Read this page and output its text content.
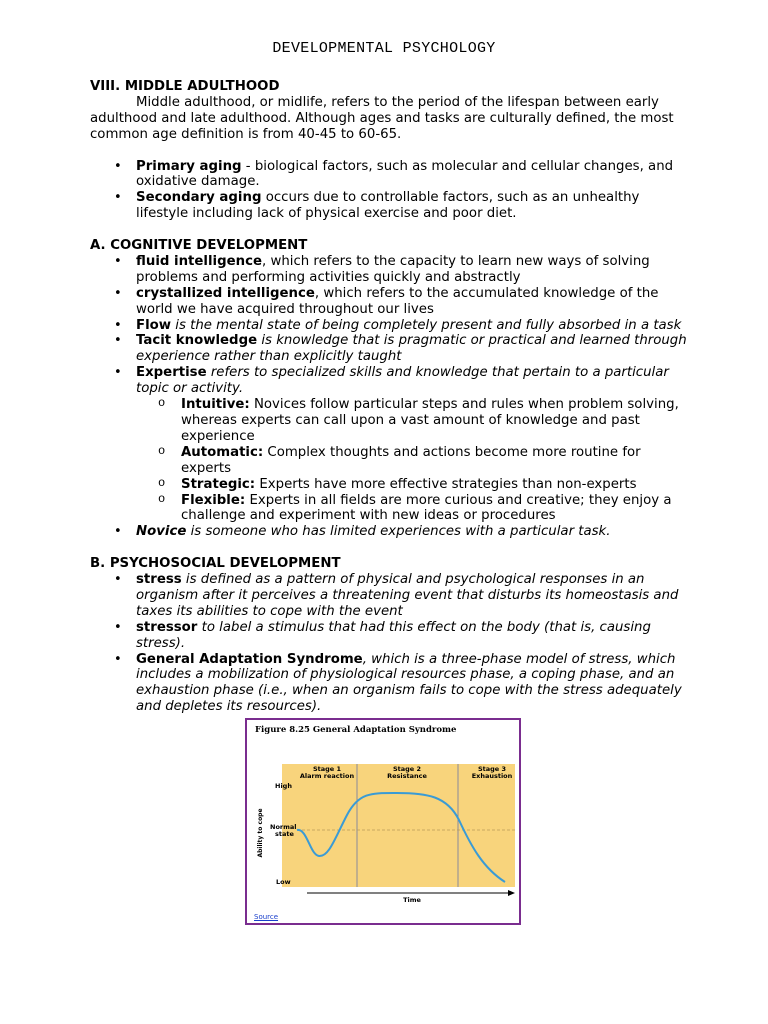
DEVELOPMENTAL PSYCHOLOGY

VIII. MIDDLE ADULTHOOD

Middle adulthood, or midlife, refers to the period of the lifespan between early adulthood and late adulthood. Although ages and tasks are culturally defined, the most common age definition is from 40-45 to 60-65.

• Primary aging - biological factors, such as molecular and cellular changes, and oxidative damage.
• Secondary aging occurs due to controllable factors, such as an unhealthy lifestyle including lack of physical exercise and poor diet.

A. COGNITIVE DEVELOPMENT

• fluid intelligence, which refers to the capacity to learn new ways of solving problems and performing activities quickly and abstractly
• crystallized intelligence, which refers to the accumulated knowledge of the world we have acquired throughout our lives
• Flow is the mental state of being completely present and fully absorbed in a task
• Tacit knowledge is knowledge that is pragmatic or practical and learned through experience rather than explicitly taught
• Expertise refers to specialized skills and knowledge that pertain to a particular topic or activity.
o Intuitive: Novices follow particular steps and rules when problem solving, whereas experts can call upon a vast amount of knowledge and past experience
o Automatic: Complex thoughts and actions become more routine for experts
o Strategic: Experts have more effective strategies than non-experts
o Flexible: Experts in all fields are more curious and creative; they enjoy a challenge and experiment with new ideas or procedures
• Novice is someone who has limited experiences with a particular task.

B. PSYCHOSOCIAL DEVELOPMENT

• stress is defined as a pattern of physical and psychological responses in an organism after it perceives a threatening event that disturbs its homeostasis and taxes its abilities to cope with the event
• stressor to label a stimulus that had this effect on the body (that is, causing stress).
• General Adaptation Syndrome, which is a three-phase model of stress, which includes a mobilization of physiological resources phase, a coping phase, and an exhaustion phase (i.e., when an organism fails to cope with the stress adequately and depletes its resources).
Figure 8.25 General Adaptation Syndrome
Stage 1
Alarm reaction
Stage 2
Resistance
Stage 3
Exhaustion
High
Normal
state
Low
Ability to cope
Time
Source
